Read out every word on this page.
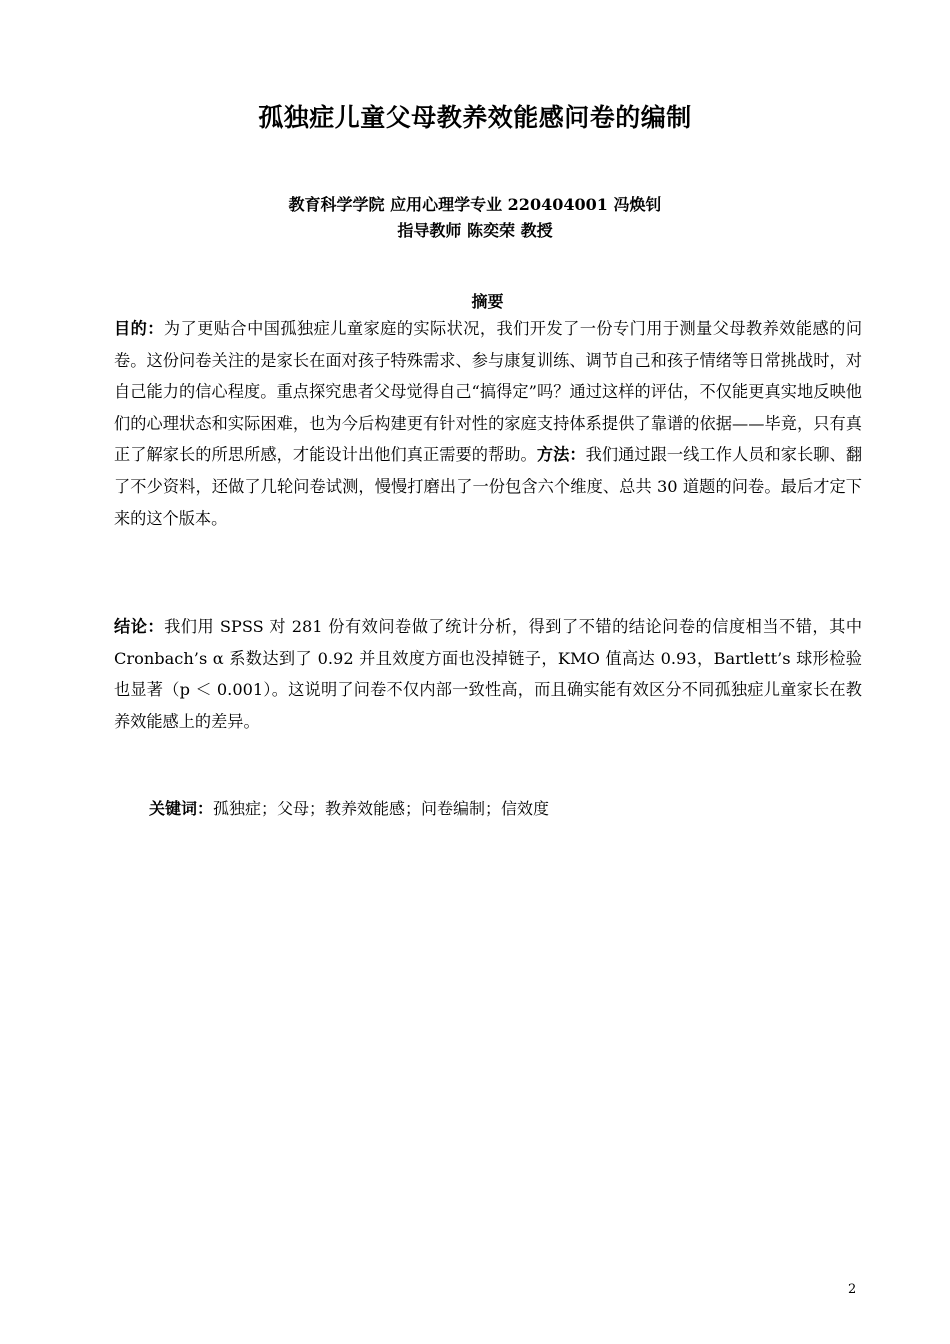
孤独症儿童父母教养效能感问卷的编制
教育科学学院 应用心理学专业 220404001 冯焕钊
指导教师 陈奕荣 教授
摘要
目的：为了更贴合中国孤独症儿童家庭的实际状况，我们开发了一份专门用于测量父母教养效能感的问卷。这份问卷关注的是家长在面对孩子特殊需求、参与康复训练、调节自己和孩子情绪等日常挑战时，对自己能力的信心程度。重点探究患者父母觉得自己“搞得定”吗？通过这样的评估，不仅能更真实地反映他们的心理状态和实际困难，也为今后构建更有针对性的家庭支持体系提供了靠谱的依据——毕竟，只有真正了解家长的所思所感，才能设计出他们真正需要的帮助。方法：我们通过跟一线工作人员和家长聊、翻了不少资料，还做了几轮问卷试测，慢慢打磨出了一份包含六个维度、总共 30 道题的问卷。最后才定下来的这个版本。
结论：我们用 SPSS 对 281 份有效问卷做了统计分析，得到了不错的结论问卷的信度相当不错，其中 Cronbach’s α 系数达到了 0.92 并且效度方面也没掉链子，KMO 值高达 0.93，Bartlett’s 球形检验也显著（p ＜ 0.001）。这说明了问卷不仅内部一致性高，而且确实能有效区分不同孤独症儿童家长在教养效能感上的差异。
关键词：孤独症；父母；教养效能感；问卷编制；信效度
2
